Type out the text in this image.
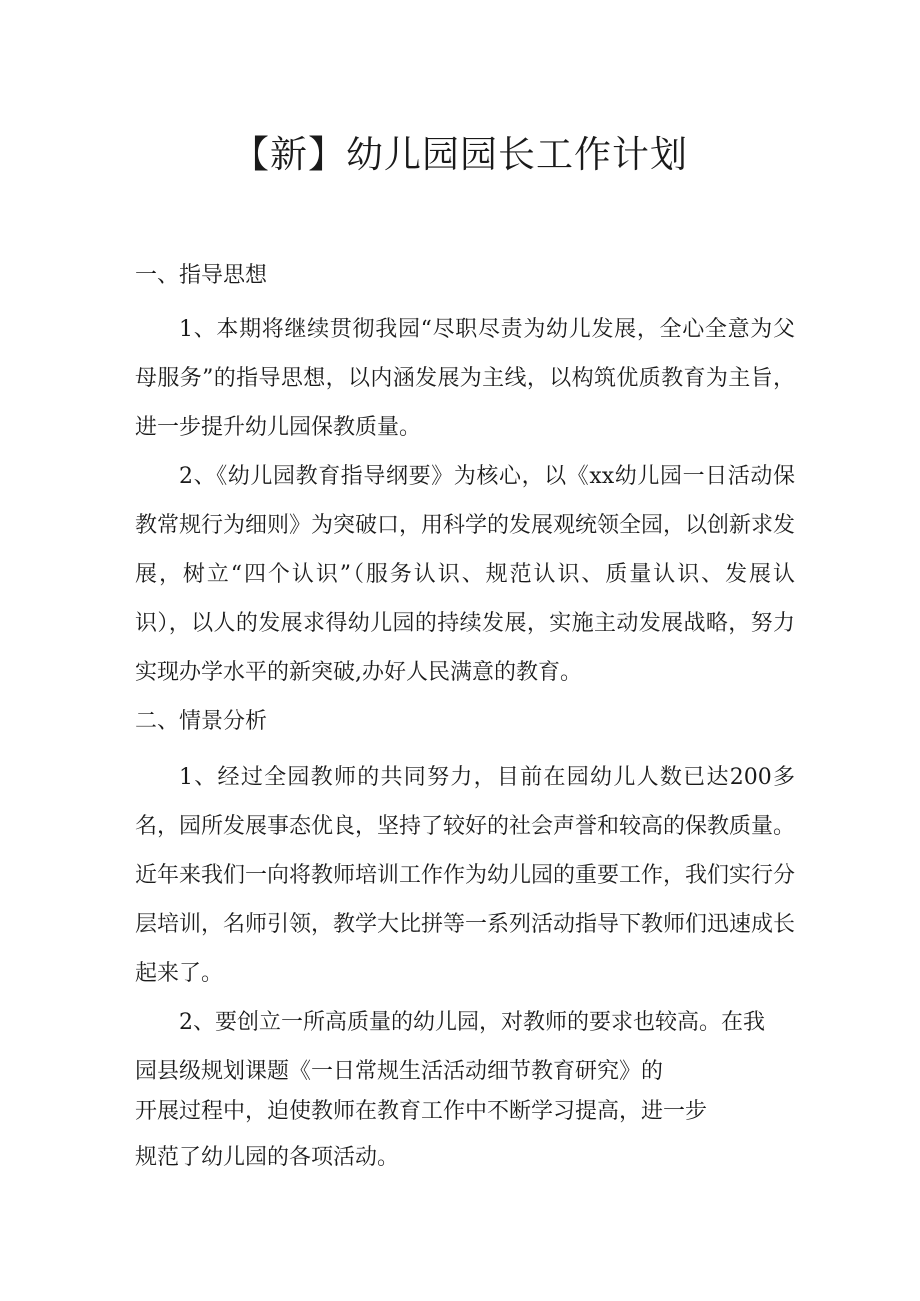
【新】幼儿园园长工作计划

一、指导思想

1、本期将继续贯彻我园“尽职尽责为幼儿发展，全心全意为父母服务”的指导思想，以内涵发展为主线，以构筑优质教育为主旨，进一步提升幼儿园保教质量。

2、《幼儿园教育指导纲要》为核心，以《xx幼儿园一日活动保教常规行为细则》为突破口，用科学的发展观统领全园，以创新求发展，树立“四个认识”（服务认识、规范认识、质量认识、发展认识），以人的发展求得幼儿园的持续发展，实施主动发展战略，努力实现办学水平的新突破,办好人民满意的教育。

二、情景分析

1、经过全园教师的共同努力，目前在园幼儿人数已达200多名，园所发展事态优良，坚持了较好的社会声誉和较高的保教质量。近年来我们一向将教师培训工作作为幼儿园的重要工作，我们实行分层培训，名师引领，教学大比拼等一系列活动指导下教师们迅速成长起来了。

2、要创立一所高质量的幼儿园，对教师的要求也较高。在我

园县级规划课题《一日常规生活活动细节教育研究》的

开展过程中，迫使教师在教育工作中不断学习提高，进一步

规范了幼儿园的各项活动。
